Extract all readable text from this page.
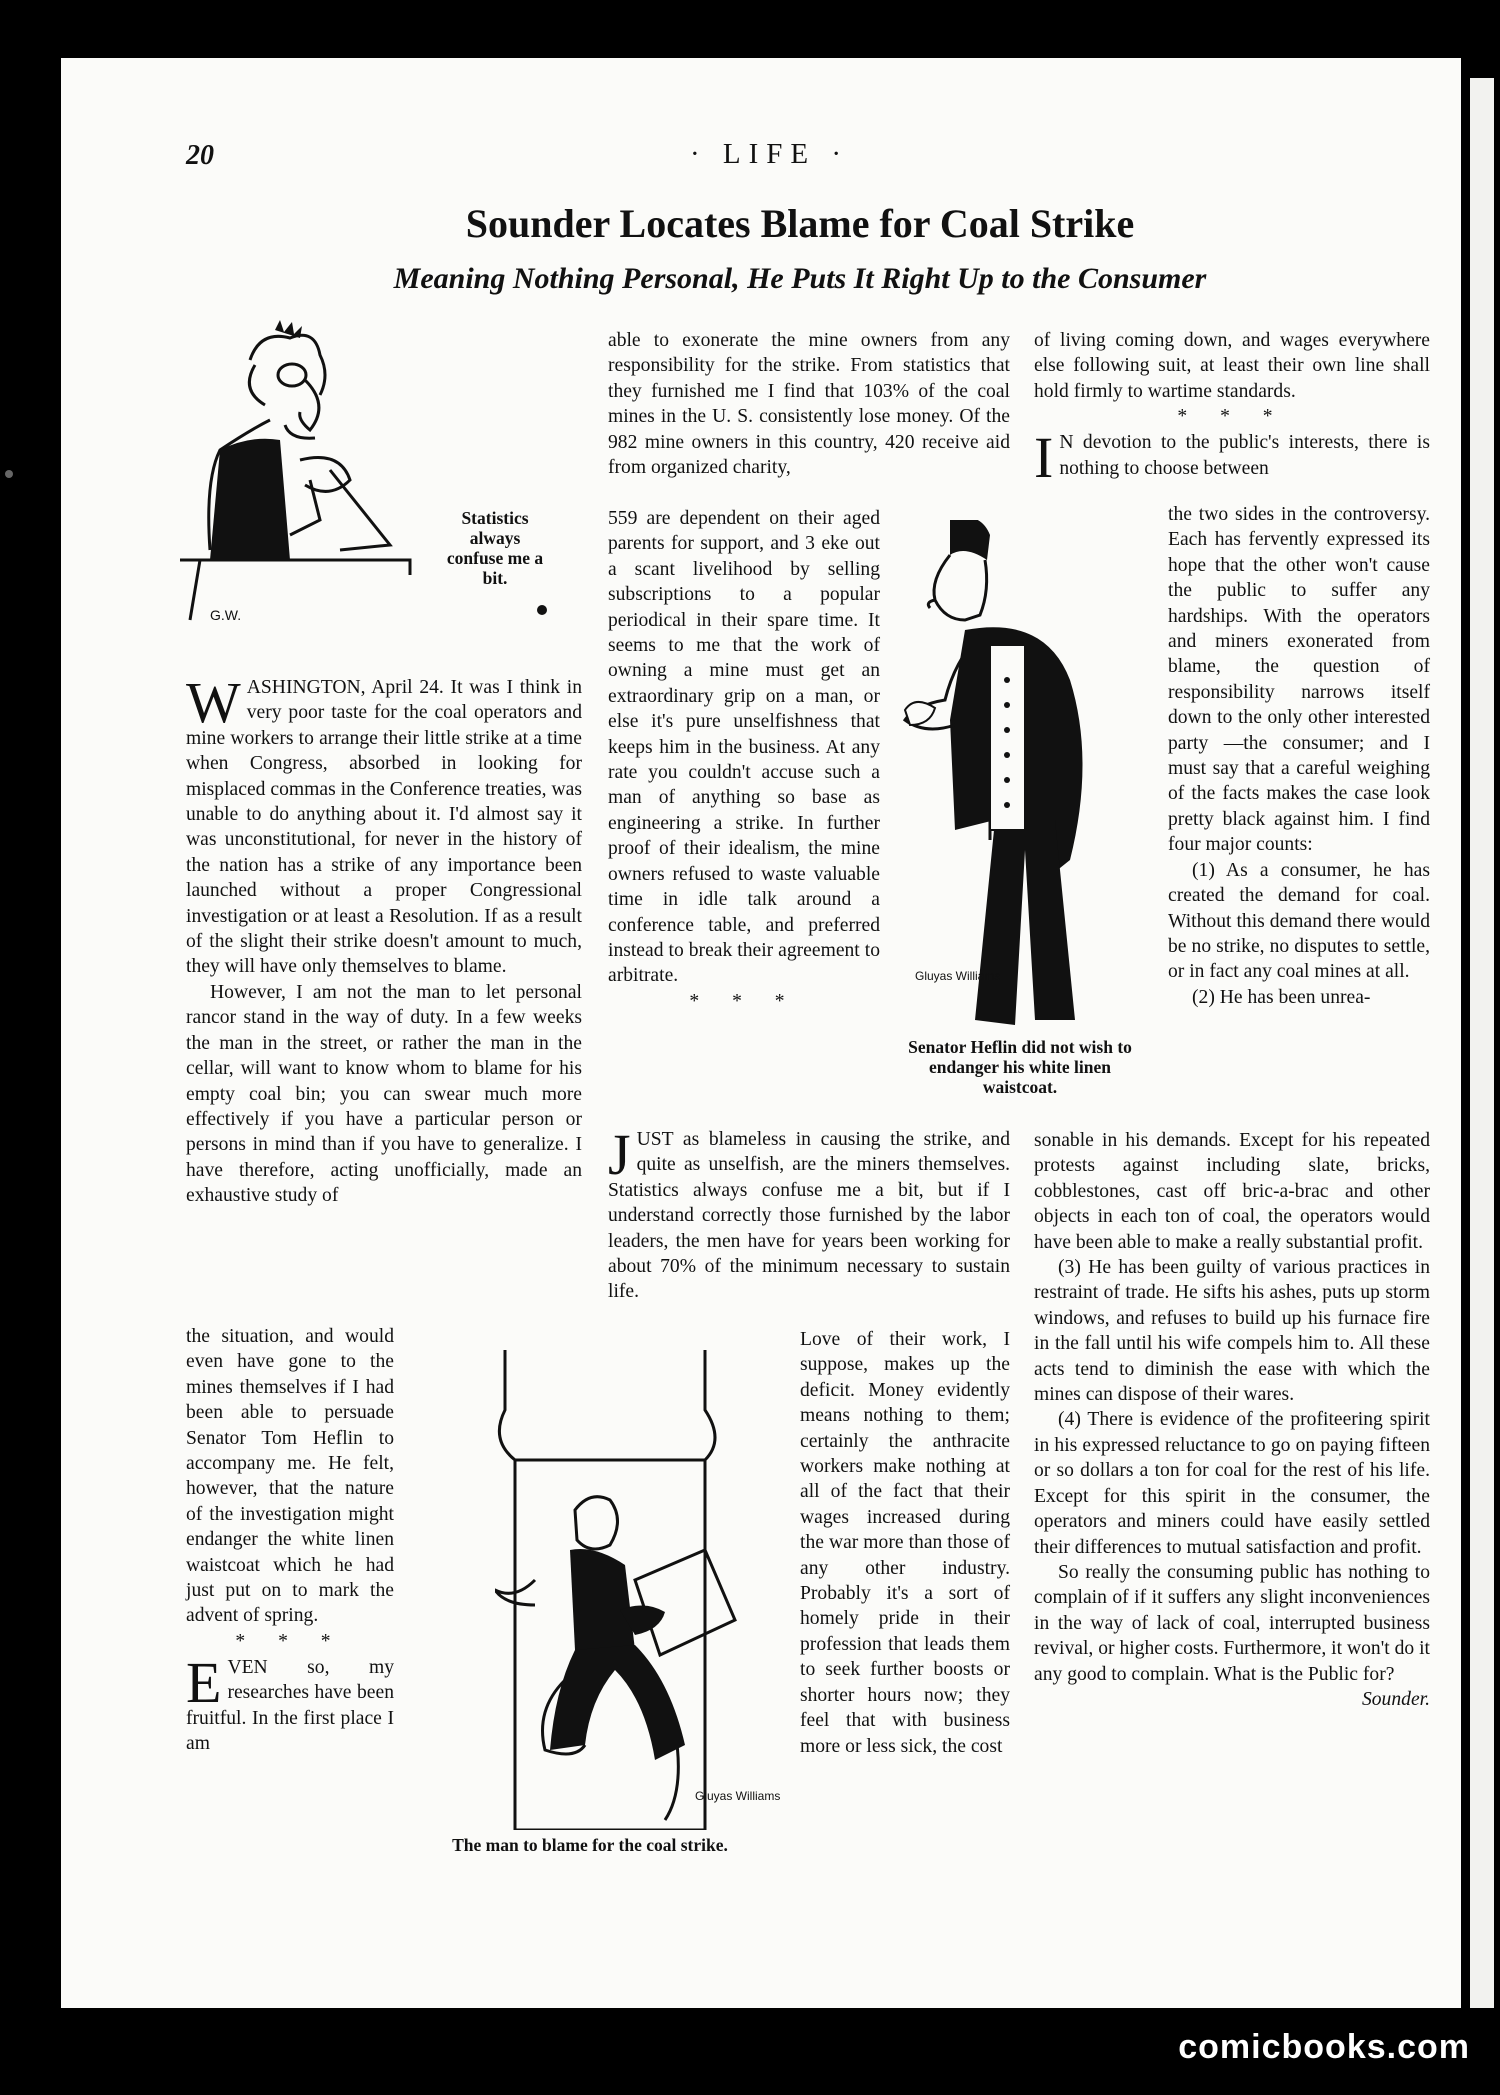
20	· LIFE ·
Sounder Locates Blame for Coal Strike
Meaning Nothing Personal, He Puts It Right Up to the Consumer
G.W.
Statistics always confuse me a bit.
Gluyas Williams
Senator Heflin did not wish to endanger his white linen waistcoat.
Gluyas Williams
The man to blame for the coal strike.

WASHINGTON, April 24. It was I think in very poor taste for the coal operators and mine workers to arrange their little strike at a time when Congress, absorbed in looking for misplaced commas in the Conference treaties, was unable to do anything about it. I'd almost say it was unconstitutional, for never in the history of the nation has a strike of any importance been launched without a proper Congressional investigation or at least a Resolution. If as a result of the slight their strike doesn't amount to much, they will have only themselves to blame.

However, I am not the man to let personal rancor stand in the way of duty. In a few weeks the man in the street, or rather the man in the cellar, will want to know whom to blame for his empty coal bin; you can swear much more effectively if you have a particular person or persons in mind than if you have to generalize. I have therefore, acting unofficially, made an exhaustive study of

the situation, and would even have gone to the mines themselves if I had been able to persuade Senator Tom Heflin to accompany me. He felt, however, that the nature of the investigation might endanger the white linen waistcoat which he had just put on to mark the advent of spring.

* * *

EVEN so, my researches have been fruitful. In the first place I am

able to exonerate the mine owners from any responsibility for the strike. From statistics that they furnished me I find that 103% of the coal mines in the U. S. consistently lose money. Of the 982 mine owners in this country, 420 receive aid from organized charity,

559 are dependent on their aged parents for support, and 3 eke out a scant livelihood by selling subscriptions to a popular periodical in their spare time. It seems to me that the work of owning a mine must get an extraordinary grip on a man, or else it's pure unselfishness that keeps him in the business. At any rate you couldn't accuse such a man of anything so base as engineering a strike. In further proof of their idealism, the mine owners refused to waste valuable time in idle talk around a conference table, and preferred instead to break their agreement to arbitrate.

* * *

JUST as blameless in causing the strike, and quite as unselfish, are the miners themselves. Statistics always confuse me a bit, but if I understand correctly those furnished by the labor leaders, the men have for years been working for about 70% of the minimum necessary to sustain life.

Love of their work, I suppose, makes up the deficit. Money evidently means nothing to them; certainly the anthracite workers make nothing at all of the fact that their wages increased during the war more than those of any other industry. Probably it's a sort of homely pride in their profession that leads them to seek further boosts or shorter hours now; they feel that with business more or less sick, the cost

of living coming down, and wages everywhere else following suit, at least their own line shall hold firmly to wartime standards.

* * *

I N devotion to the public's interests, there is nothing to choose between

the two sides in the controversy. Each has fervently expressed its hope that the other won't cause the public to suffer any hardships. With the operators and miners exonerated from blame, the question of responsibility narrows itself down to the only other interested party —the consumer; and I must say that a careful weighing of the facts makes the case look pretty black against him. I find four major counts:

(1) As a consumer, he has created the demand for coal. Without this demand there would be no strike, no disputes to settle, or in fact any coal mines at all.

(2) He has been unrea-

sonable in his demands. Except for his repeated protests against including slate, bricks, cobblestones, cast off bric-a-brac and other objects in each ton of coal, the operators would have been able to make a really substantial profit.

(3) He has been guilty of various practices in restraint of trade. He sifts his ashes, puts up storm windows, and refuses to build up his furnace fire in the fall until his wife compels him to. All these acts tend to diminish the ease with which the mines can dispose of their wares.

(4) There is evidence of the profiteering spirit in his expressed reluctance to go on paying fifteen or so dollars a ton for coal for the rest of his life. Except for this spirit in the consumer, the operators and miners could have easily settled their differences to mutual satisfaction and profit.

So really the consuming public has nothing to complain of if it suffers any slight inconveniences in the way of lack of coal, interrupted business revival, or higher costs. Furthermore, it won't do it any good to complain. What is the Public for?
Sounder.

comicbooks.com
